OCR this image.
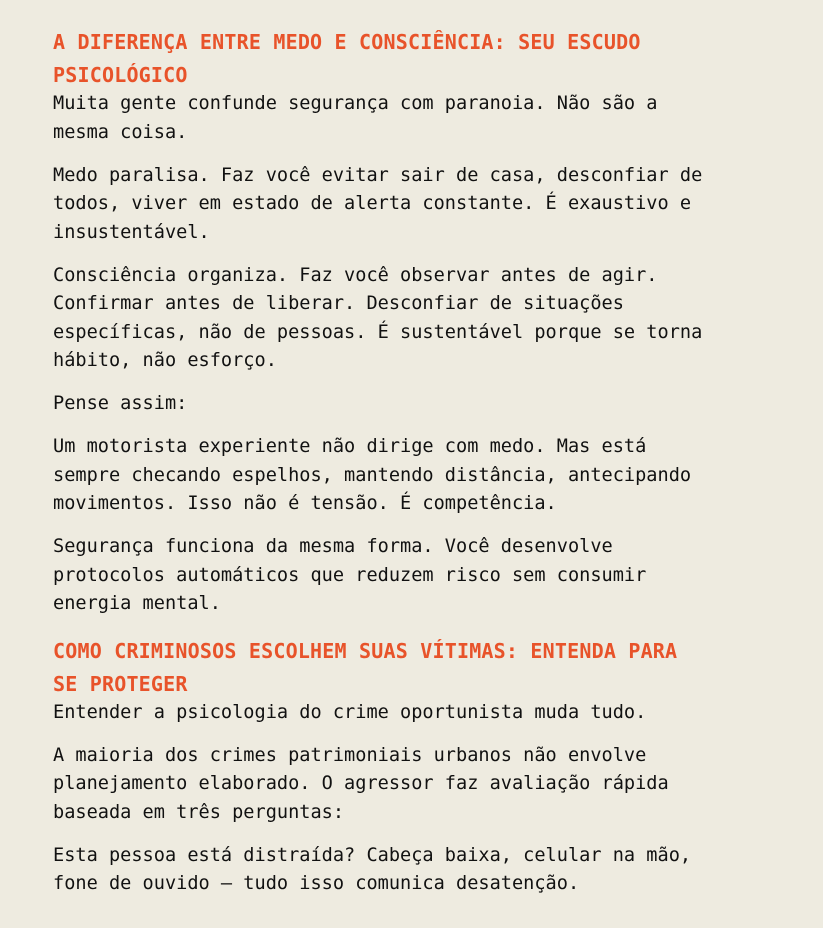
A DIFERENÇA ENTRE MEDO E CONSCIÊNCIA: SEU ESCUDO PSICOLÓGICO

Muita gente confunde segurança com paranoia. Não são a mesma coisa.

Medo paralisa. Faz você evitar sair de casa, desconfiar de todos, viver em estado de alerta constante. É exaustivo e insustentável.

Consciência organiza. Faz você observar antes de agir. Confirmar antes de liberar. Desconfiar de situações específicas, não de pessoas. É sustentável porque se torna hábito, não esforço.

Pense assim:

Um motorista experiente não dirige com medo. Mas está sempre checando espelhos, mantendo distância, antecipando movimentos. Isso não é tensão. É competência.

Segurança funciona da mesma forma. Você desenvolve protocolos automáticos que reduzem risco sem consumir energia mental.

COMO CRIMINOSOS ESCOLHEM SUAS VÍTIMAS: ENTENDA PARA SE PROTEGER

Entender a psicologia do crime oportunista muda tudo.

A maioria dos crimes patrimoniais urbanos não envolve planejamento elaborado. O agressor faz avaliação rápida baseada em três perguntas:

Esta pessoa está distraída? Cabeça baixa, celular na mão, fone de ouvido — tudo isso comunica desatenção.
